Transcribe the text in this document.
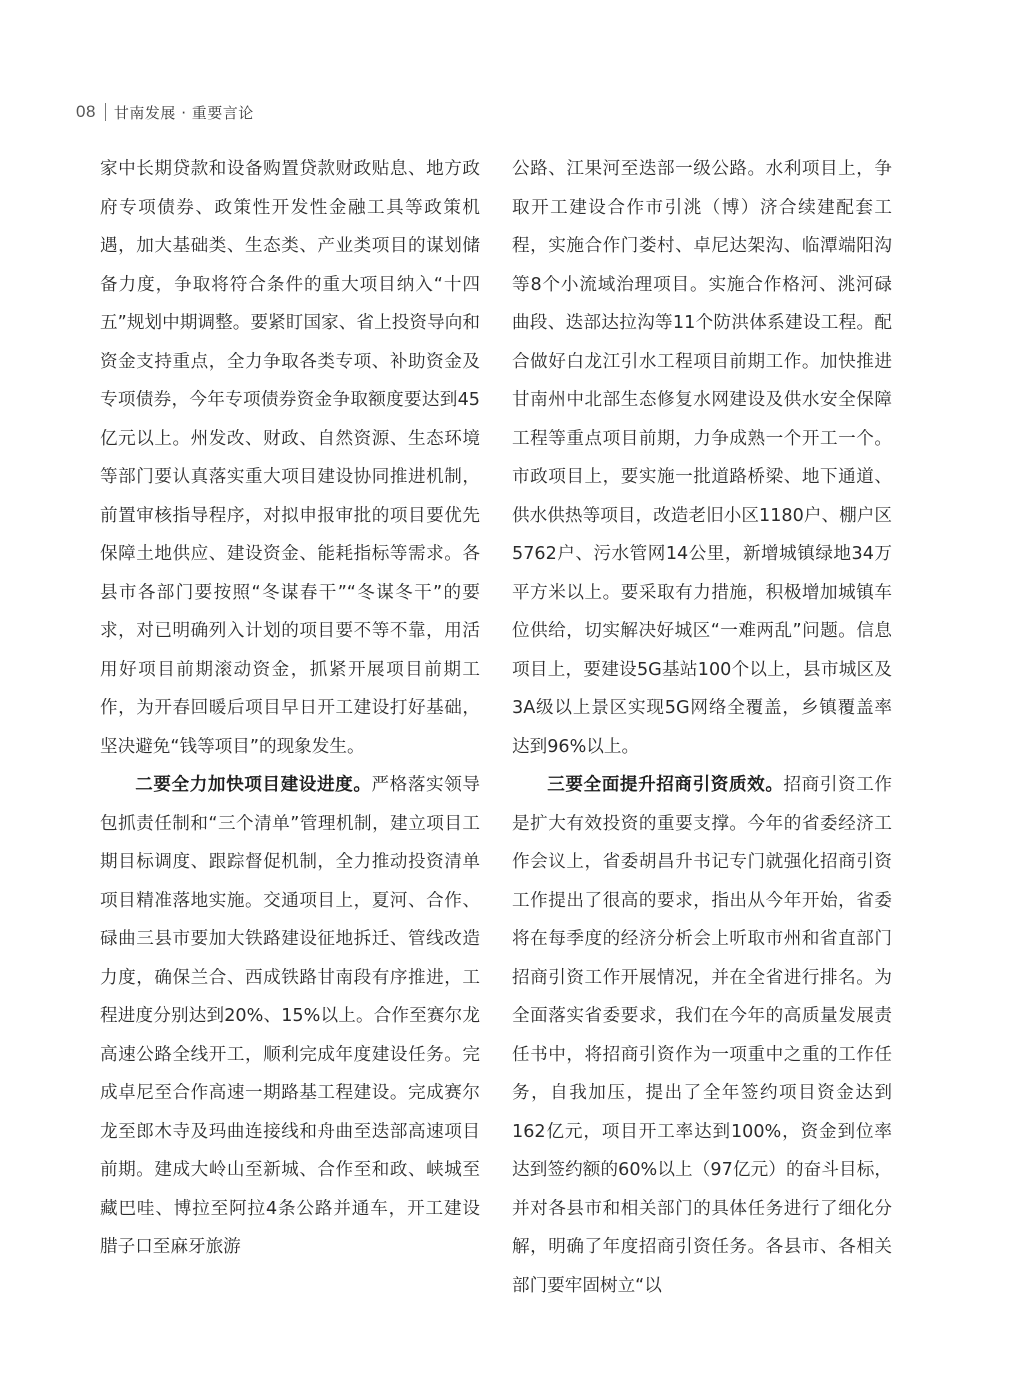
08 甘南发展 · 重要言论

家中长期贷款和设备购置贷款财政贴息、地方政府专项债券、政策性开发性金融工具等政策机遇，加大基础类、生态类、产业类项目的谋划储备力度，争取将符合条件的重大项目纳入“十四五”规划中期调整。要紧盯国家、省上投资导向和资金支持重点，全力争取各类专项、补助资金及专项债券，今年专项债券资金争取额度要达到45亿元以上。州发改、财政、自然资源、生态环境等部门要认真落实重大项目建设协同推进机制，前置审核指导程序，对拟申报审批的项目要优先保障土地供应、建设资金、能耗指标等需求。各县市各部门要按照“冬谋春干”“冬谋冬干”的要求，对已明确列入计划的项目要不等不靠，用活用好项目前期滚动资金，抓紧开展项目前期工作，为开春回暖后项目早日开工建设打好基础，坚决避免“钱等项目”的现象发生。

二要全力加快项目建设进度。严格落实领导包抓责任制和“三个清单”管理机制，建立项目工期目标调度、跟踪督促机制，全力推动投资清单项目精准落地实施。交通项目上，夏河、合作、碌曲三县市要加大铁路建设征地拆迁、管线改造力度，确保兰合、西成铁路甘南段有序推进，工程进度分别达到20%、15%以上。合作至赛尔龙高速公路全线开工，顺利完成年度建设任务。完成卓尼至合作高速一期路基工程建设。完成赛尔龙至郎木寺及玛曲连接线和舟曲至迭部高速项目前期。建成大岭山至新城、合作至和政、峡城至藏巴哇、博拉至阿拉4条公路并通车，开工建设腊子口至麻牙旅游

公路、江果河至迭部一级公路。水利项目上，争取开工建设合作市引洮（博）济合续建配套工程，实施合作门娄村、卓尼达架沟、临潭端阳沟等8个小流域治理项目。实施合作格河、洮河碌曲段、迭部达拉沟等11个防洪体系建设工程。配合做好白龙江引水工程项目前期工作。加快推进甘南州中北部生态修复水网建设及供水安全保障工程等重点项目前期，力争成熟一个开工一个。市政项目上，要实施一批道路桥梁、地下通道、供水供热等项目，改造老旧小区1180户、棚户区5762户、污水管网14公里，新增城镇绿地34万平方米以上。要采取有力措施，积极增加城镇车位供给，切实解决好城区“一难两乱”问题。信息项目上，要建设5G基站100个以上，县市城区及3A级以上景区实现5G网络全覆盖，乡镇覆盖率达到96%以上。

三要全面提升招商引资质效。招商引资工作是扩大有效投资的重要支撑。今年的省委经济工作会议上，省委胡昌升书记专门就强化招商引资工作提出了很高的要求，指出从今年开始，省委将在每季度的经济分析会上听取市州和省直部门招商引资工作开展情况，并在全省进行排名。为全面落实省委要求，我们在今年的高质量发展责任书中，将招商引资作为一项重中之重的工作任务，自我加压，提出了全年签约项目资金达到162亿元，项目开工率达到100%，资金到位率达到签约额的60%以上（97亿元）的奋斗目标，并对各县市和相关部门的具体任务进行了细化分解，明确了年度招商引资任务。各县市、各相关部门要牢固树立“以
